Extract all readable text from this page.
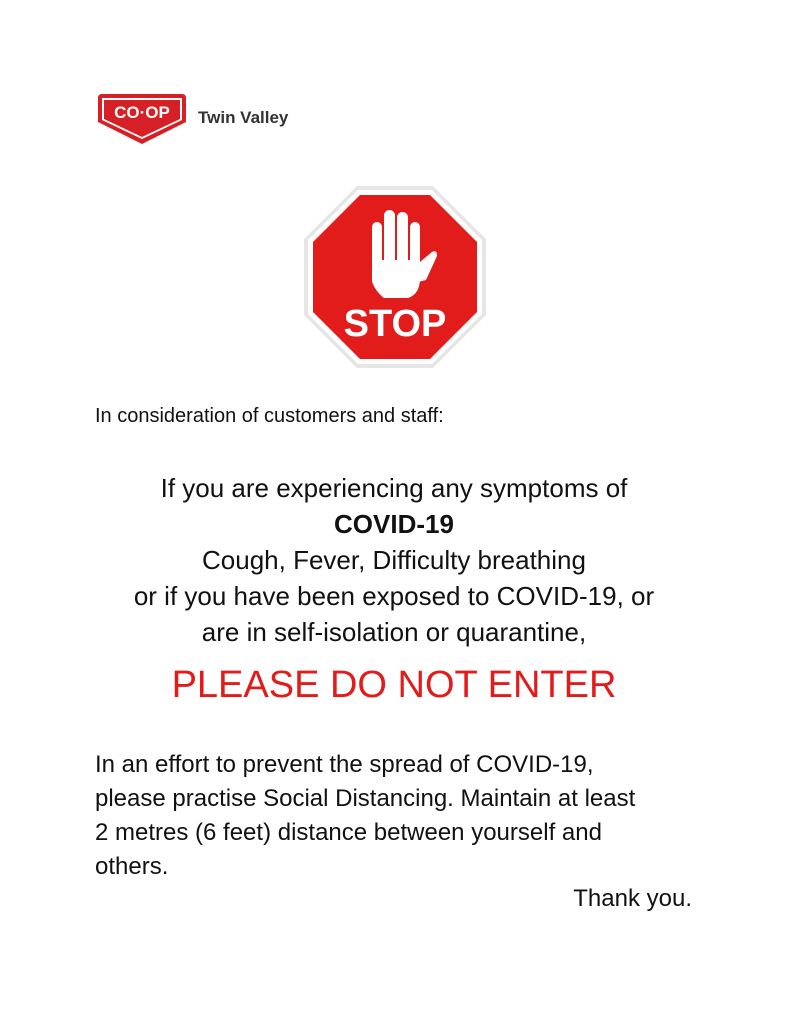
CO·OP Twin Valley
STOP
In consideration of customers and staff:
If you are experiencing any symptoms of
COVID-19
Cough, Fever, Difficulty breathing
or if you have been exposed to COVID-19, or
are in self-isolation or quarantine,
PLEASE DO NOT ENTER
In an effort to prevent the spread of COVID-19,
please practise Social Distancing. Maintain at least
2 metres (6 feet) distance between yourself and
others.
Thank you.
